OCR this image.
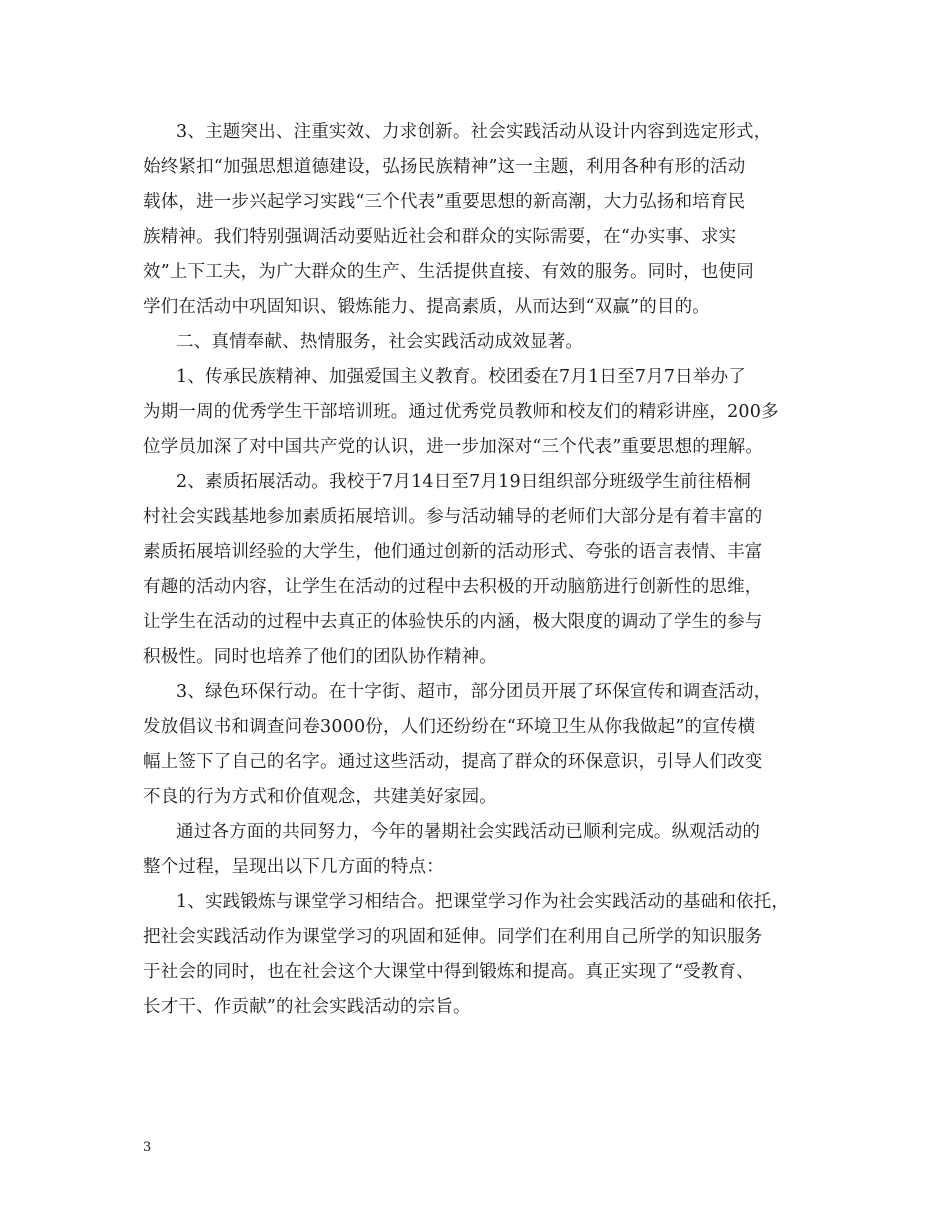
3、主题突出、注重实效、力求创新。社会实践活动从设计内容到选定形式，
始终紧扣“加强思想道德建设，弘扬民族精神”这一主题，利用各种有形的活动
载体，进一步兴起学习实践“三个代表”重要思想的新高潮，大力弘扬和培育民
族精神。我们特别强调活动要贴近社会和群众的实际需要，在“办实事、求实
效”上下工夫，为广大群众的生产、生活提供直接、有效的服务。同时，也使同
学们在活动中巩固知识、锻炼能力、提高素质，从而达到“双赢”的目的。
二、真情奉献、热情服务，社会实践活动成效显著。
1、传承民族精神、加强爱国主义教育。校团委在7月1日至7月7日举办了
为期一周的优秀学生干部培训班。通过优秀党员教师和校友们的精彩讲座，200多
位学员加深了对中国共产党的认识，进一步加深对“三个代表”重要思想的理解。
2、素质拓展活动。我校于7月14日至7月19日组织部分班级学生前往梧桐
村社会实践基地参加素质拓展培训。参与活动辅导的老师们大部分是有着丰富的
素质拓展培训经验的大学生，他们通过创新的活动形式、夸张的语言表情、丰富
有趣的活动内容，让学生在活动的过程中去积极的开动脑筋进行创新性的思维，
让学生在活动的过程中去真正的体验快乐的内涵，极大限度的调动了学生的参与
积极性。同时也培养了他们的团队协作精神。
3、绿色环保行动。在十字街、超市，部分团员开展了环保宣传和调查活动，
发放倡议书和调查问卷3000份，人们还纷纷在“环境卫生从你我做起”的宣传横
幅上签下了自己的名字。通过这些活动，提高了群众的环保意识，引导人们改变
不良的行为方式和价值观念，共建美好家园。
通过各方面的共同努力，今年的暑期社会实践活动已顺利完成。纵观活动的
整个过程，呈现出以下几方面的特点：
1、实践锻炼与课堂学习相结合。把课堂学习作为社会实践活动的基础和依托，
把社会实践活动作为课堂学习的巩固和延伸。同学们在利用自己所学的知识服务
于社会的同时，也在社会这个大课堂中得到锻炼和提高。真正实现了“受教育、
长才干、作贡献”的社会实践活动的宗旨。
3
